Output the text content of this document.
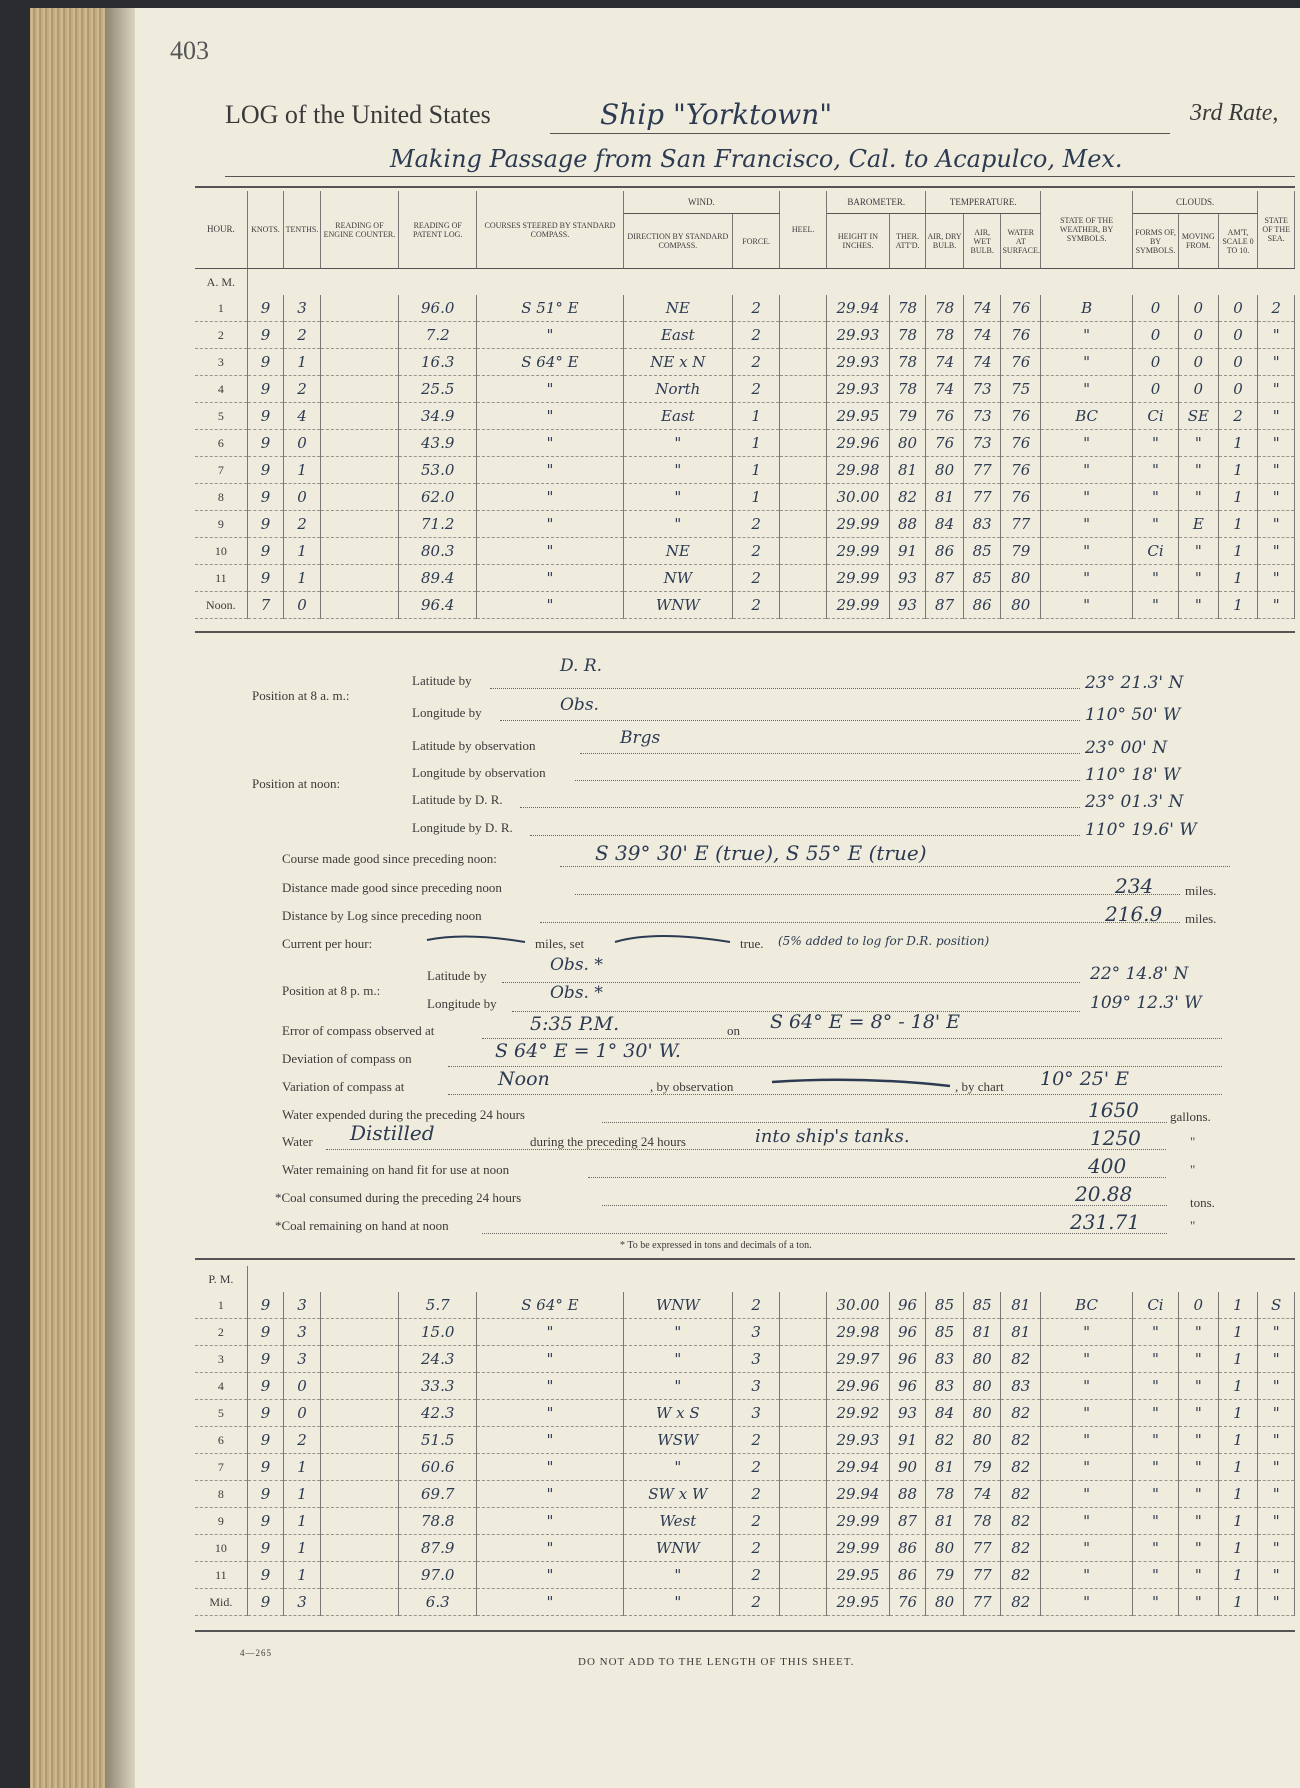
403
LOG of the United States	Ship "Yorktown"	3rd Rate,
Making Passage from San Francisco, Cal. to Acapulco, Mex.
HOUR.	KNOTS.	TENTHS.	READING OF ENGINE COUNTER.	READING OF PATENT LOG.	COURSES STEERED BY STANDARD COMPASS.	WIND.		HEEL.	BAROMETER.		TEMPERATURE.			STATE OF THE WEATHER, BY SYMBOLS.	CLOUDS.			STATE OF THE SEA.
						DIRECTION BY STANDARD COMPASS.	FORCE.		HEIGHT IN INCHES.	THER. ATT'D.	AIR, DRY BULB.	AIR, WET BULB.	WATER AT SURFACE.		FORMS OF, BY SYMBOLS.	MOVING FROM.	AM'T, SCALE 0 TO 10.	
A. M.																		
1	9	3		96.0	S 51° E	NE	2		29.94	78	78	74	76	B	0	0	0	2
2	9	2		7.2	"	East	2		29.93	78	78	74	76	"	0	0	0	"
3	9	1		16.3	S 64° E	NE x N	2		29.93	78	74	74	76	"	0	0	0	"
4	9	2		25.5	"	North	2		29.93	78	74	73	75	"	0	0	0	"
5	9	4		34.9	"	East	1		29.95	79	76	73	76	BC	Ci	SE	2	"
6	9	0		43.9	"	"	1		29.96	80	76	73	76	"	"	"	1	"
7	9	1		53.0	"	"	1		29.98	81	80	77	76	"	"	"	1	"
8	9	0		62.0	"	"	1		30.00	82	81	77	76	"	"	"	1	"
9	9	2		71.2	"	"	2		29.99	88	84	83	77	"	"	E	1	"
10	9	1		80.3	"	NE	2		29.99	91	86	85	79	"	Ci	"	1	"
11	9	1		89.4	"	NW	2		29.99	93	87	85	80	"	"	"	1	"
Noon.	7	0		96.4	"	WNW	2		29.99	93	87	86	80	"	"	"	1	"

Position at 8 a. m.:
Latitude by
D. R.
23° 21.3' N
Longitude by	Obs.	110° 50' W
Position at noon:
Latitude by observation	Brgs	23° 00' N
Longitude by observation	110° 18' W
Latitude by D. R.	23° 01.3' N
Longitude by D. R.	110° 19.6' W
Course made good since preceding noon:	S 39° 30' E (true), S 55° E (true)
Distance made good since preceding noon	234 miles.
Distance by Log since preceding noon	216.9 miles.
Current per hour:	miles, set	true. (5% added to log for D.R. position)
Position at 8 p. m.:
Latitude by
Obs. *	22° 14.8' N
Longitude by
Obs. *	109° 12.3' W
Error of compass observed at	5:35 P.M.	on S 64° E = 8° - 18' E
Deviation of compass on	S 64° E = 1° 30' W.
Variation of compass at	Noon	, by observation	, by chart 10° 25' E
Water expended during the preceding 24 hours	1650 gallons.
Water Distilled	during the preceding 24 hours	into ship's tanks.	1250	"
Water remaining on hand fit for use at noon	400	"
*Coal consumed during the preceding 24 hours	20.88	tons.
*Coal remaining on hand at noon	231.71	"
* To be expressed in tons and decimals of a ton.

P. M.																		
1	9	3		5.7	S 64° E	WNW	2		30.00	96	85	85	81	BC	Ci	0	1	S
2	9	3		15.0	"	"	3		29.98	96	85	81	81	"	"	"	1	"
3	9	3		24.3	"	"	3		29.97	96	83	80	82	"	"	"	1	"
4	9	0		33.3	"	"	3		29.96	96	83	80	83	"	"	"	1	"
5	9	0		42.3	"	W x S	3		29.92	93	84	80	82	"	"	"	1	"
6	9	2		51.5	"	WSW	2		29.93	91	82	80	82	"	"	"	1	"
7	9	1		60.6	"	"	2		29.94	90	81	79	82	"	"	"	1	"
8	9	1		69.7	"	SW x W	2		29.94	88	78	74	82	"	"	"	1	"
9	9	1		78.8	"	West	2		29.99	87	81	78	82	"	"	"	1	"
10	9	1		87.9	"	WNW	2		29.99	86	80	77	82	"	"	"	1	"
11	9	1		97.0	"	"	2		29.95	86	79	77	82	"	"	"	1	"
Mid.	9	3		6.3	"	"	2		29.95	76	80	77	82	"	"	"	1	"

4—265
DO NOT ADD TO THE LENGTH OF THIS SHEET.
